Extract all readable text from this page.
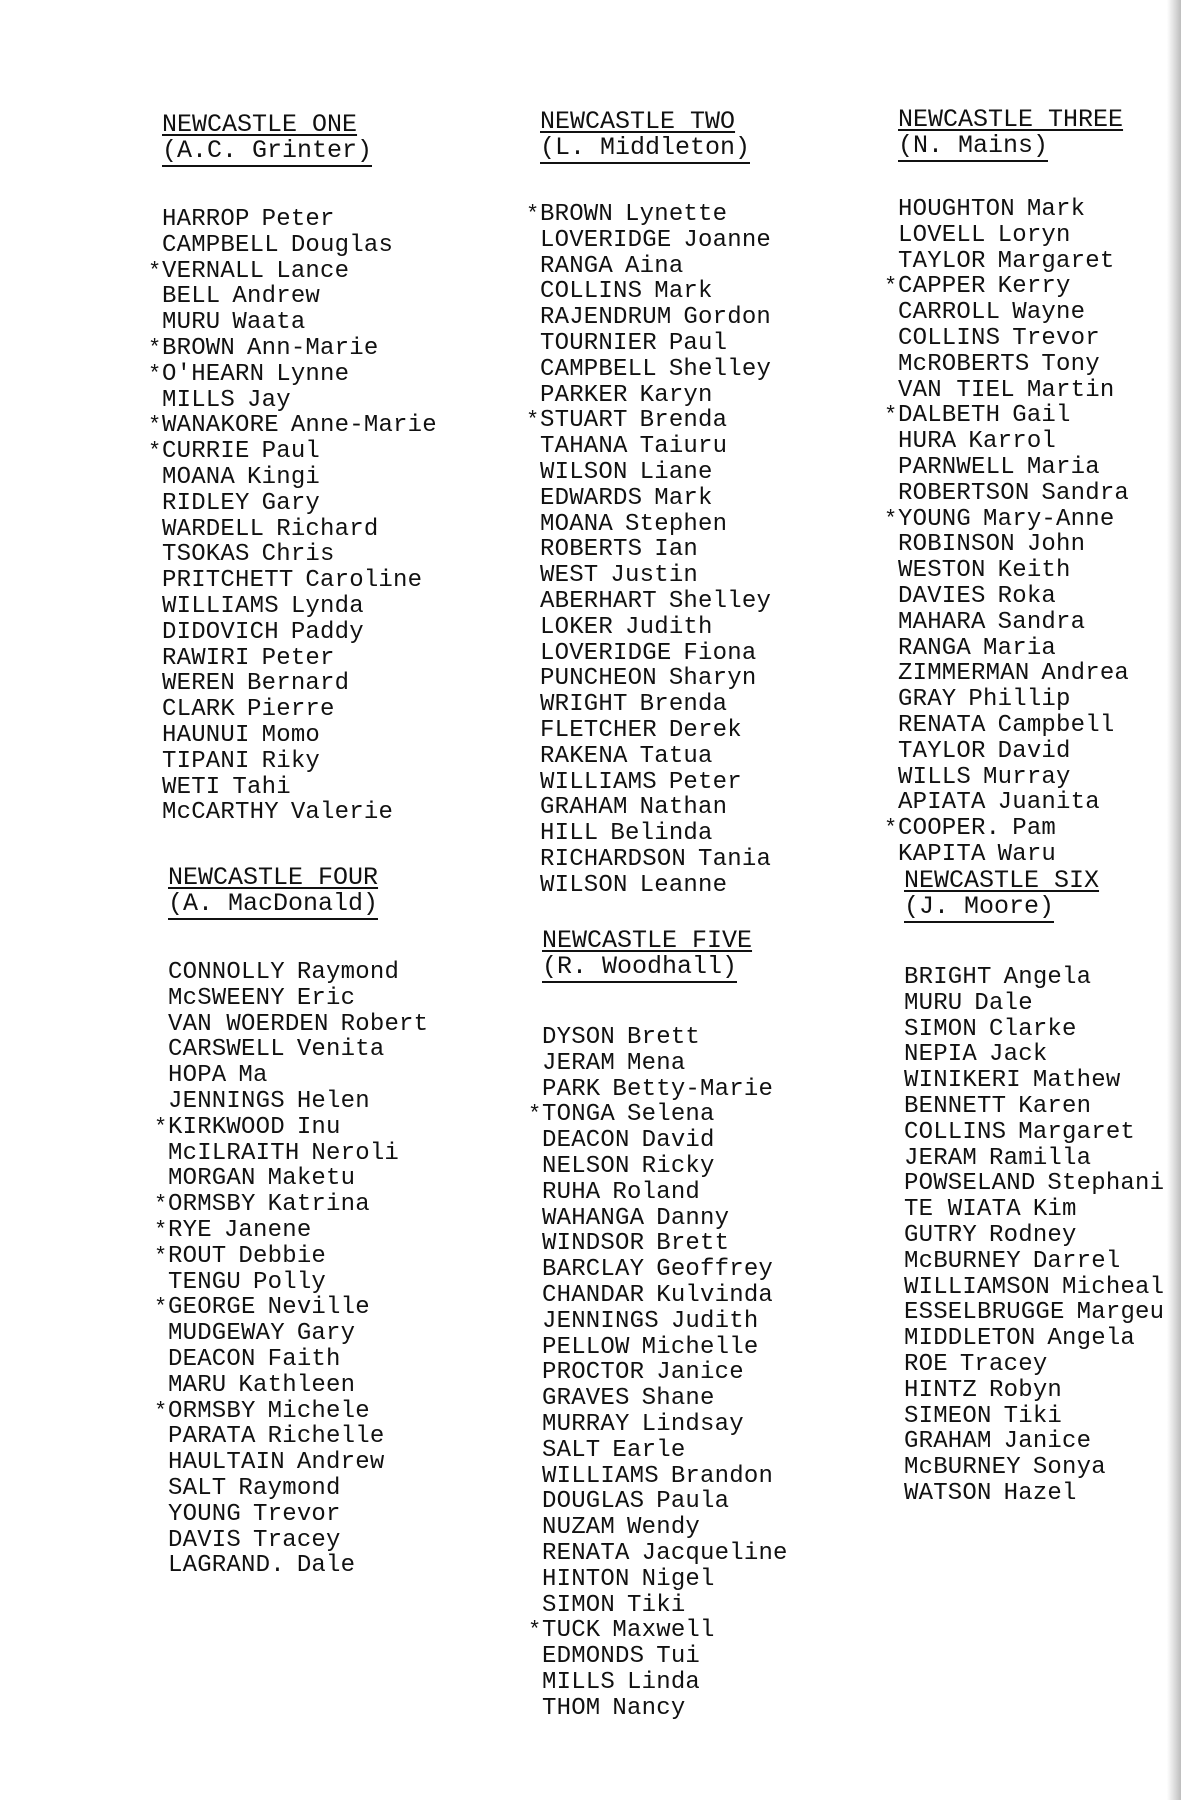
NEWCASTLE ONE
( A.C. Grinter )
HARROP Peter
CAMPBELL Douglas
* VERNALL Lance
BELL Andrew
MURU Waata
* BROWN Ann-Marie
* O'HEARN Lynne
MILLS Jay
* WANAKORE Anne-Marie
* CURRIE Paul
MOANA Kingi
RIDLEY Gary
WARDELL Richard
TSOKAS Chris
PRITCHETT Caroline
WILLIAMS Lynda
DIDOVICH Paddy
RAWIRI Peter
WEREN Bernard
CLARK Pierre
HAUNUI Momo
TIPANI Riky
WETI Tahi
McCARTHY Valerie
NEWCASTLE TWO
( L. Middleton )
* BROWN Lynette
LOVERIDGE Joanne
RANGA Aina
COLLINS Mark
RAJENDRUM Gordon
TOURNIER Paul
CAMPBELL Shelley
PARKER Karyn
* STUART Brenda
TAHANA Taiuru
WILSON Liane
EDWARDS Mark
MOANA Stephen
ROBERTS Ian
WEST Justin
ABERHART Shelley
LOKER Judith
LOVERIDGE Fiona
PUNCHEON Sharyn
WRIGHT Brenda
FLETCHER Derek
RAKENA Tatua
WILLIAMS Peter
GRAHAM Nathan
HILL Belinda
RICHARDSON Tania
WILSON Leanne
NEWCASTLE THREE
( N. Mains )
HOUGHTON Mark
LOVELL Loryn
TAYLOR Margaret
* CAPPER Kerry
CARROLL Wayne
COLLINS Trevor
McROBERTS Tony
VAN TIEL Martin
* DALBETH Gail
HURA Karrol
PARNWELL Maria
ROBERTSON Sandra
* YOUNG Mary-Anne
ROBINSON John
WESTON Keith
DAVIES Roka
MAHARA Sandra
RANGA Maria
ZIMMERMAN Andrea
GRAY Phillip
RENATA Campbell
TAYLOR David
WILLS Murray
APIATA Juanita
* COOPER. Pam
KAPITA Waru
NEWCASTLE FOUR
( A. MacDonald )
CONNOLLY Raymond
McSWEENY Eric
VAN WOERDEN Robert
CARSWELL Venita
HOPA Ma
JENNINGS Helen
* KIRKWOOD Inu
McILRAITH Neroli
MORGAN Maketu
* ORMSBY Katrina
* RYE Janene
* ROUT Debbie
TENGU Polly
* GEORGE Neville
MUDGEWAY Gary
DEACON Faith
MARU Kathleen
* ORMSBY Michele
PARATA Richelle
HAULTAIN Andrew
SALT Raymond
YOUNG Trevor
DAVIS Tracey
LAGRAND. Dale
NEWCASTLE FIVE
( R. Woodhall )
DYSON Brett
JERAM Mena
PARK Betty-Marie
* TONGA Selena
DEACON David
NELSON Ricky
RUHA Roland
WAHANGA Danny
WINDSOR Brett
BARCLAY Geoffrey
CHANDAR Kulvinda
JENNINGS Judith
PELLOW Michelle
PROCTOR Janice
GRAVES Shane
MURRAY Lindsay
SALT Earle
WILLIAMS Brandon
DOUGLAS Paula
NUZAM Wendy
RENATA Jacqueline
HINTON Nigel
SIMON Tiki
* TUCK Maxwell
EDMONDS Tui
MILLS Linda
THOM Nancy
NEWCASTLE SIX
( J. Moore )
BRIGHT Angela
MURU Dale
SIMON Clarke
NEPIA Jack
WINIKERI Mathew
BENNETT Karen
COLLINS Margaret
JERAM Ramilla
POWSELAND Stephani
TE WIATA Kim
GUTRY Rodney
McBURNEY Darrel
WILLIAMSON Micheal
ESSELBRUGGE Margeu
MIDDLETON Angela
ROE Tracey
HINTZ Robyn
SIMEON Tiki
GRAHAM Janice
McBURNEY Sonya
WATSON Hazel
